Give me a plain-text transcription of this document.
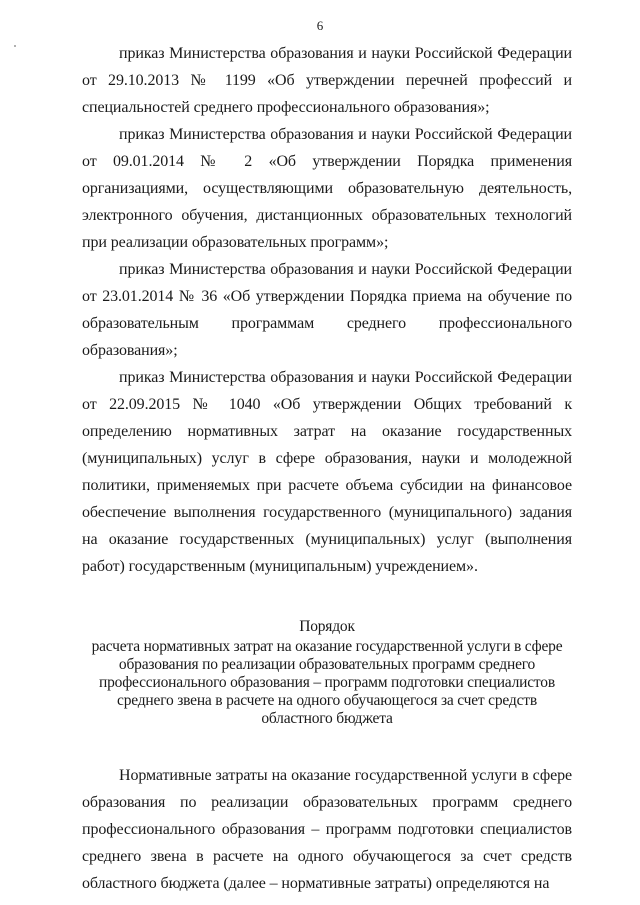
6

приказ Министерства образования и науки Российской Федерации от 29.10.2013 № 1199 «Об утверждении перечней профессий и специальностей среднего профессионального образования»;

приказ Министерства образования и науки Российской Федерации от 09.01.2014 № 2 «Об утверждении Порядка применения организациями, осуществляющими образовательную деятельность, электронного обучения, дистанционных образовательных технологий при реализации образовательных программ»;

приказ Министерства образования и науки Российской Федерации от 23.01.2014 № 36 «Об утверждении Порядка приема на обучение по образовательным программам среднего профессионального образования»;

приказ Министерства образования и науки Российской Федерации от 22.09.2015 № 1040 «Об утверждении Общих требований к определению нормативных затрат на оказание государственных (муниципальных) услуг в сфере образования, науки и молодежной политики, применяемых при расчете объема субсидии на финансовое обеспечение выполнения государственного (муниципального) задания на оказание государственных (муниципальных) услуг (выполнения работ) государственным (муниципальным) учреждением».

Порядок
расчета нормативных затрат на оказание государственной услуги в сфере образования по реализации образовательных программ среднего профессионального образования – программ подготовки специалистов среднего звена в расчете на одного обучающегося за счет средств областного бюджета

Нормативные затраты на оказание государственной услуги в сфере образования по реализации образовательных программ среднего профессионального образования – программ подготовки специалистов среднего звена в расчете на одного обучающегося за счет средств областного бюджета (далее – нормативные затраты) определяются на
